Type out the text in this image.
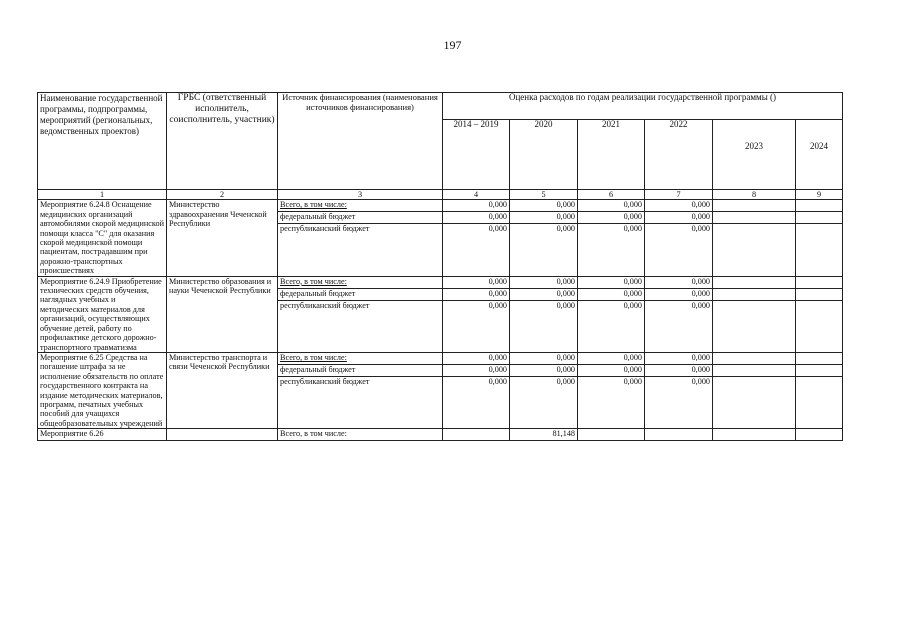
197
Наименование государственной программы, подпрограммы, мероприятий (региональных, ведомственных проектов)	ГРБС (ответственный исполнитель, соисполнитель, участник)	Источник финансирования (наименования источников финансирования)	Оценка расходов по годам реализации государственной программы ()					
			2014 – 2019	2020	2021	2022	2023	2024
1	2	3	4	5	6	7	8	9
Мероприятие 6.24.8 Оснащение медицинских организаций автомобилями скорой медицинской помощи класса "С" для оказания скорой медицинской помощи пациентам, пострадавшим при дорожно-транспортных происшествиях	Министерство здравоохранения Чеченской Республики	Всего, в том числе:	0,000	0,000	0,000	0,000		
		федеральный бюджет	0,000	0,000	0,000	0,000		
		республиканский бюджет	0,000	0,000	0,000	0,000		
Мероприятие 6.24.9 Приобретение технических средств обучения, наглядных учебных и методических материалов для организаций, осуществляющих обучение детей, работу по профилактике детского дорожно-транспортного травматизма	Министерство образования и науки Чеченской Республики	Всего, в том числе:	0,000	0,000	0,000	0,000		
		федеральный бюджет	0,000	0,000	0,000	0,000		
		республиканский бюджет	0,000	0,000	0,000	0,000		
Мероприятие 6.25 Средства на погашение штрафа за не исполнение обязательств по оплате государственного контракта на издание методических материалов, программ, печатных учебных пособий для учащихся общеобразовательных учреждений	Министерство транспорта и связи Чеченской Республики	Всего, в том числе:	0,000	0,000	0,000	0,000		
		федеральный бюджет	0,000	0,000	0,000	0,000		
		республиканский бюджет	0,000	0,000	0,000	0,000		
Мероприятие 6.26		Всего, в том числе:		81,148				
